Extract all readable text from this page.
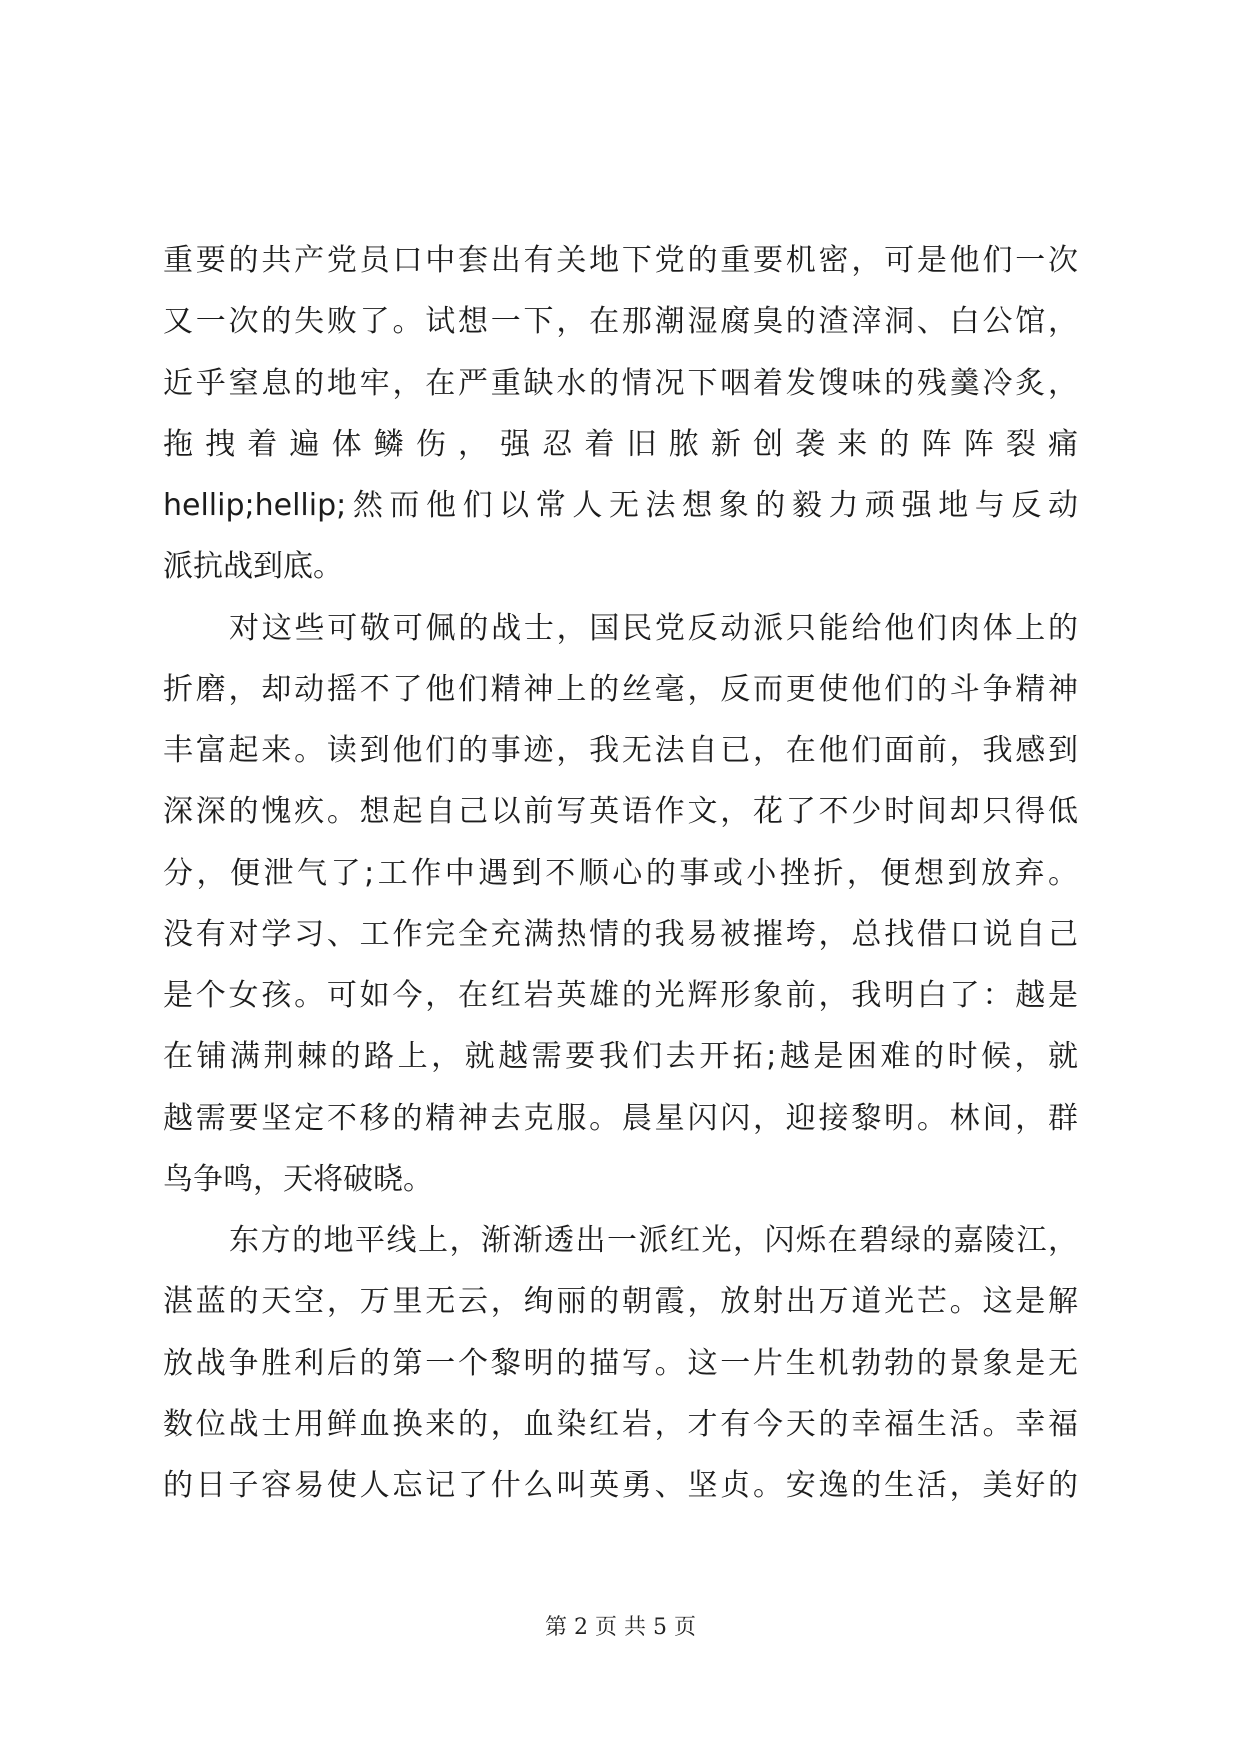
重要的共产党员口中套出有关地下党的重要机密，可是他们一次
又一次的失败了。试想一下，在那潮湿腐臭的渣滓洞、白公馆，
近乎窒息的地牢，在严重缺水的情况下咽着发馊味的残羹冷炙，
拖拽着遍体鳞伤，强忍着旧脓新创袭来的阵阵裂痛
hellip;hellip;然而他们以常人无法想象的毅力顽强地与反动
派抗战到底。
对这些可敬可佩的战士，国民党反动派只能给他们肉体上的
折磨，却动摇不了他们精神上的丝毫，反而更使他们的斗争精神
丰富起来。读到他们的事迹，我无法自已，在他们面前，我感到
深深的愧疚。想起自己以前写英语作文，花了不少时间却只得低
分，便泄气了;工作中遇到不顺心的事或小挫折，便想到放弃。
没有对学习、工作完全充满热情的我易被摧垮，总找借口说自己
是个女孩。可如今，在红岩英雄的光辉形象前，我明白了：越是
在铺满荆棘的路上，就越需要我们去开拓;越是困难的时候，就
越需要坚定不移的精神去克服。晨星闪闪，迎接黎明。林间，群
鸟争鸣，天将破晓。
东方的地平线上，渐渐透出一派红光，闪烁在碧绿的嘉陵江，
湛蓝的天空，万里无云，绚丽的朝霞，放射出万道光芒。这是解
放战争胜利后的第一个黎明的描写。这一片生机勃勃的景象是无
数位战士用鲜血换来的，血染红岩，才有今天的幸福生活。幸福
的日子容易使人忘记了什么叫英勇、坚贞。安逸的生活，美好的
第 2 页 共 5 页
